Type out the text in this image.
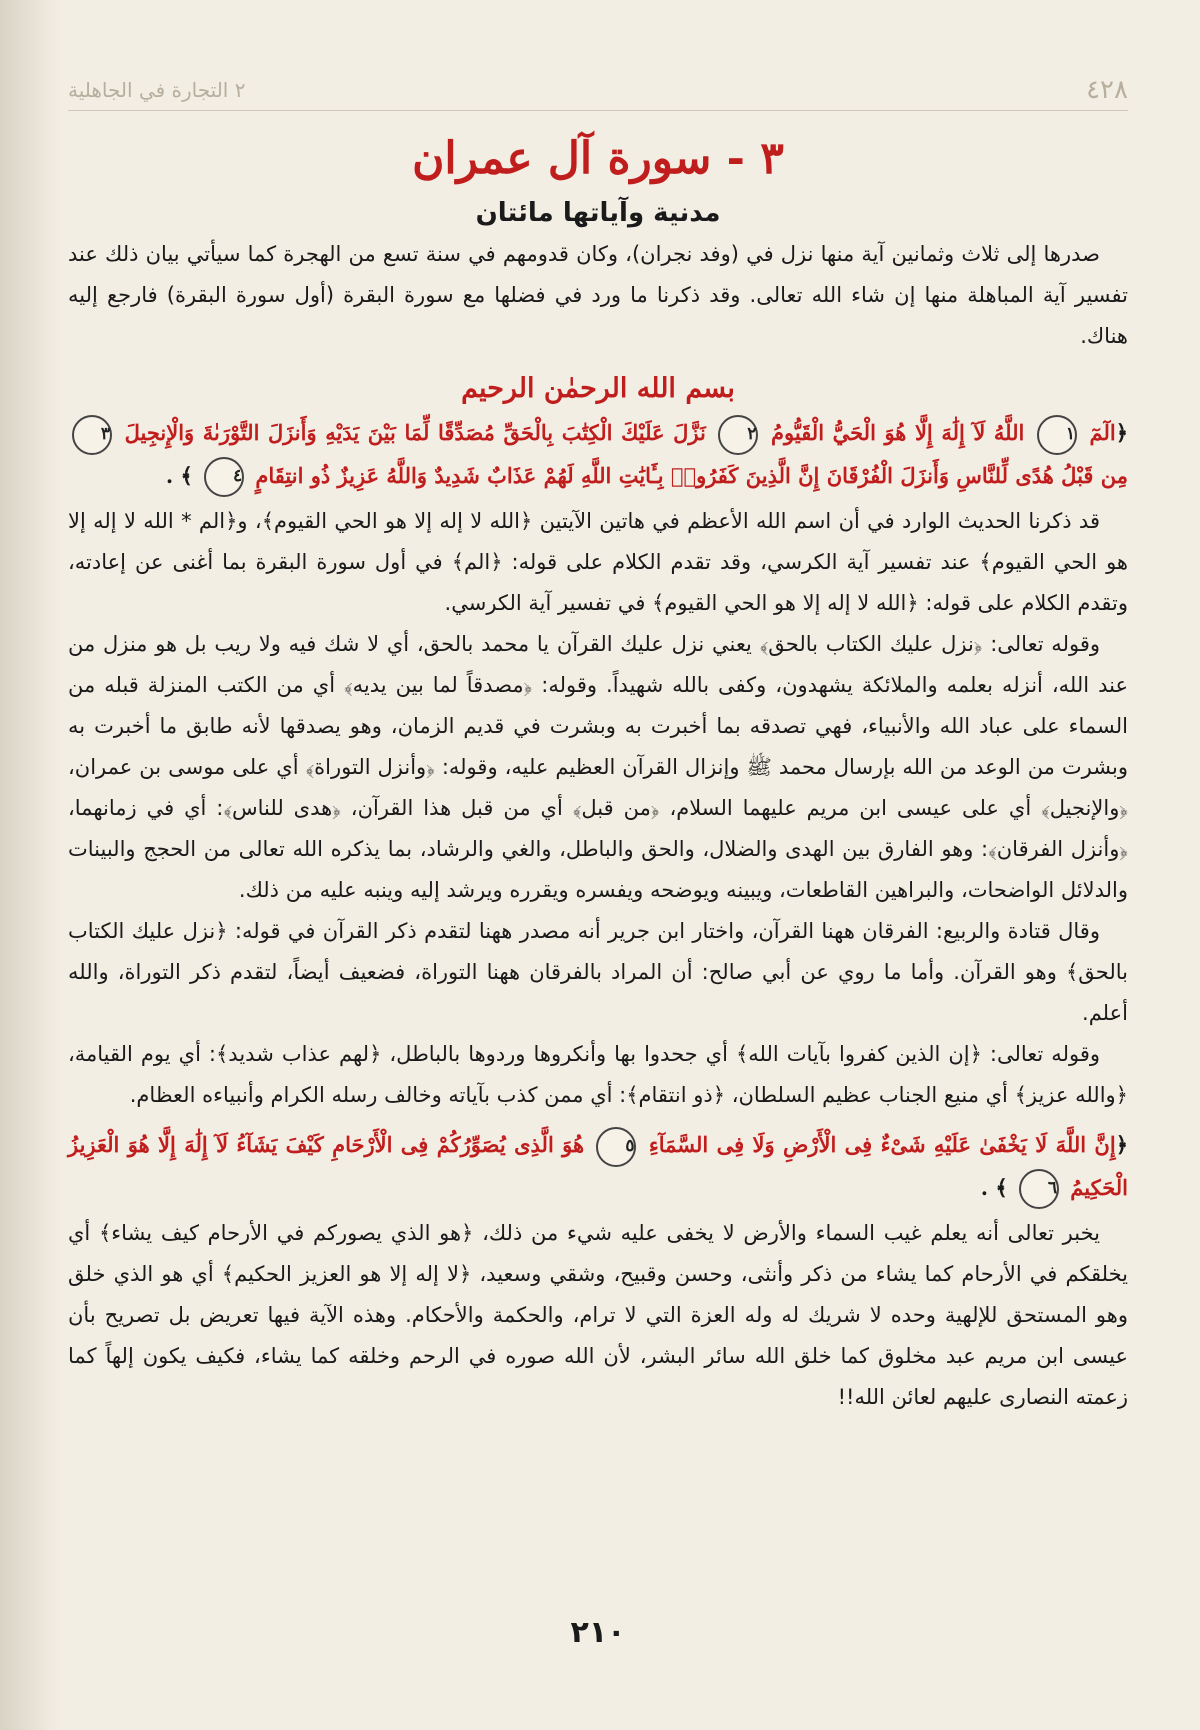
٤٢٨
٢ التجارة في الجاهلية
٣ - سورة آل عمران
مدنية وآياتها مائتان

صدرها إلى ثلاث وثمانين آية منها نزل في (وفد نجران)، وكان قدومهم في سنة تسع من الهجرة كما سيأتي بيان ذلك عند تفسير آية المباهلة منها إن شاء الله تعالى. وقد ذكرنا ما ورد في فضلها مع سورة البقرة (أول سورة البقرة) فارجع إليه هناك.

بسم الله الرحمٰن الرحيم
﴿الٓمٓ ١ اللَّهُ لَآ إِلَٰهَ إِلَّا هُوَ الْحَيُّ الْقَيُّومُ ٢ نَزَّلَ عَلَيْكَ الْكِتَٰبَ بِالْحَقِّ مُصَدِّقًا لِّمَا بَيْنَ يَدَيْهِ وَأَنزَلَ التَّوْرَىٰةَ وَالْإِنجِيلَ ٣ مِن قَبْلُ هُدًى لِّلنَّاسِ وَأَنزَلَ الْفُرْقَانَ إِنَّ الَّذِينَ كَفَرُوا۟ بِـَٔايَٰتِ اللَّهِ لَهُمْ عَذَابٌ شَدِيدٌ وَاللَّهُ عَزِيزٌ ذُو انتِقَامٍ ٤ ﴾ .

قد ذكرنا الحديث الوارد في أن اسم الله الأعظم في هاتين الآيتين ﴿الله لا إله إلا هو الحي القيوم﴾، و﴿الم * الله لا إله إلا هو الحي القيوم﴾ عند تفسير آية الكرسي، وقد تقدم الكلام على قوله: ﴿الم﴾ في أول سورة البقرة بما أغنى عن إعادته، وتقدم الكلام على قوله: ﴿الله لا إله إلا هو الحي القيوم﴾ في تفسير آية الكرسي.

وقوله تعالى: ﴿نزل عليك الكتاب بالحق﴾ يعني نزل عليك القرآن يا محمد بالحق، أي لا شك فيه ولا ريب بل هو منزل من عند الله، أنزله بعلمه والملائكة يشهدون، وكفى بالله شهيداً. وقوله: ﴿مصدقاً لما بين يديه﴾ أي من الكتب المنزلة قبله من السماء على عباد الله والأنبياء، فهي تصدقه بما أخبرت به وبشرت في قديم الزمان، وهو يصدقها لأنه طابق ما أخبرت به وبشرت من الوعد من الله بإرسال محمد ﷺ وإنزال القرآن العظيم عليه، وقوله: ﴿وأنزل التوراة﴾ أي على موسى بن عمران، ﴿والإنجيل﴾ أي على عيسى ابن مريم عليهما السلام، ﴿من قبل﴾ أي من قبل هذا القرآن، ﴿هدى للناس﴾: أي في زمانهما، ﴿وأنزل الفرقان﴾: وهو الفارق بين الهدى والضلال، والحق والباطل، والغي والرشاد، بما يذكره الله تعالى من الحجج والبينات والدلائل الواضحات، والبراهين القاطعات، ويبينه ويوضحه ويفسره ويقرره ويرشد إليه وينبه عليه من ذلك.

وقال قتادة والربيع: الفرقان ههنا القرآن، واختار ابن جرير أنه مصدر ههنا لتقدم ذكر القرآن في قوله: ﴿نزل عليك الكتاب بالحق﴾ وهو القرآن. وأما ما روي عن أبي صالح: أن المراد بالفرقان ههنا التوراة، فضعيف أيضاً، لتقدم ذكر التوراة، والله أعلم.

وقوله تعالى: ﴿إن الذين كفروا بآيات الله﴾ أي جحدوا بها وأنكروها وردوها بالباطل، ﴿لهم عذاب شديد﴾: أي يوم القيامة، ﴿والله عزيز﴾ أي منيع الجناب عظيم السلطان، ﴿ذو انتقام﴾: أي ممن كذب بآياته وخالف رسله الكرام وأنبياءه العظام.

﴿إِنَّ اللَّهَ لَا يَخْفَىٰ عَلَيْهِ شَىْءٌ فِى الْأَرْضِ وَلَا فِى السَّمَآءِ ٥ هُوَ الَّذِى يُصَوِّرُكُمْ فِى الْأَرْحَامِ كَيْفَ يَشَآءُ لَآ إِلَٰهَ إِلَّا هُوَ الْعَزِيزُ الْحَكِيمُ ٦ ﴾ .

يخبر تعالى أنه يعلم غيب السماء والأرض لا يخفى عليه شيء من ذلك، ﴿هو الذي يصوركم في الأرحام كيف يشاء﴾ أي يخلقكم في الأرحام كما يشاء من ذكر وأنثى، وحسن وقبيح، وشقي وسعيد، ﴿لا إله إلا هو العزيز الحكيم﴾ أي هو الذي خلق وهو المستحق للإلهية وحده لا شريك له وله العزة التي لا ترام، والحكمة والأحكام. وهذه الآية فيها تعريض بل تصريح بأن عيسى ابن مريم عبد مخلوق كما خلق الله سائر البشر، لأن الله صوره في الرحم وخلقه كما يشاء، فكيف يكون إلهاً كما زعمته النصارى عليهم لعائن الله!!

٢١٠
